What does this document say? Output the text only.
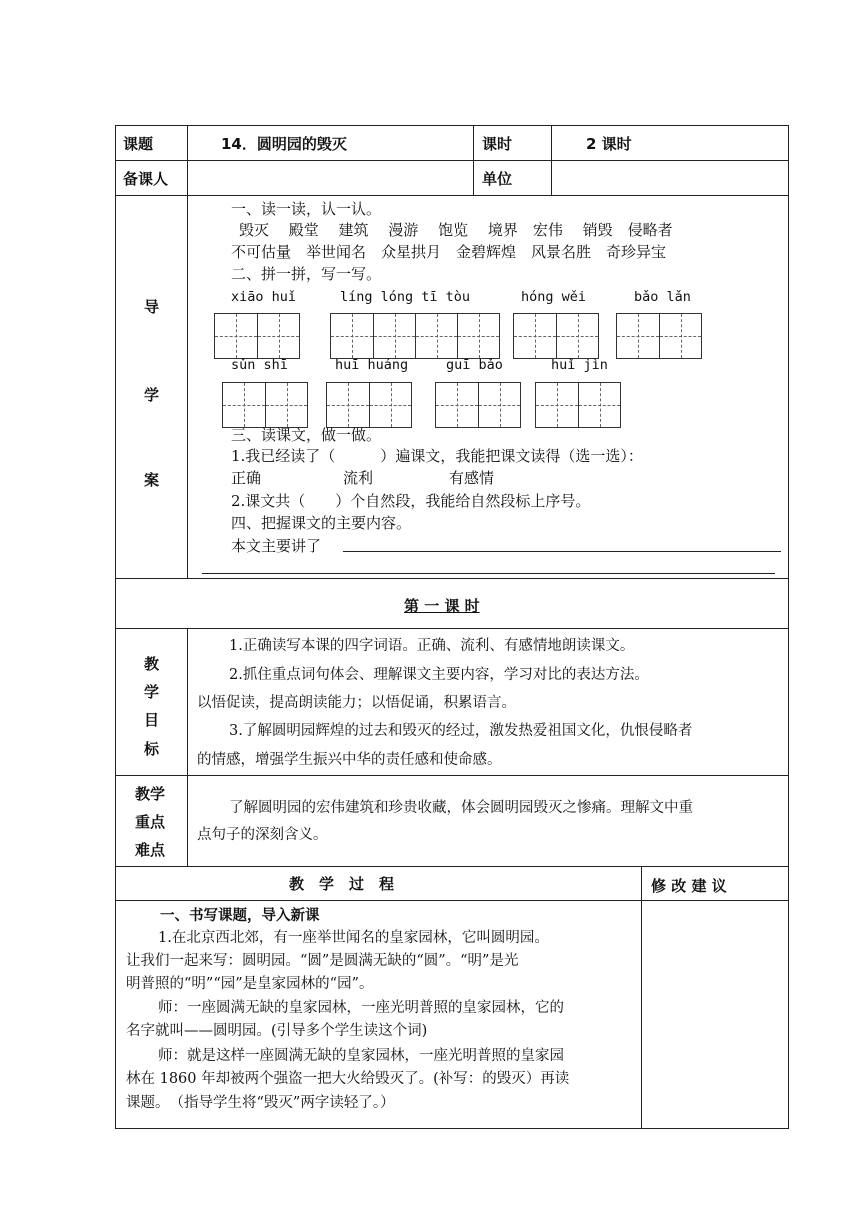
课题	14．圆明园的毁灭	课时	2 课时
备课人	单位
导
学
案
一、读一读，认一认。
毁灭　 殿堂　 建筑　 漫游　 饱览　 境界　宏伟　 销毁　侵略者
不可估量　举世闻名　众星拱月　金碧辉煌　风景名胜　奇珍异宝
二、拼一拼，写一写。
xiāo huǐ	líng lóng tī tòu	hóng wěi	bǎo lǎn
sǔn shī	huī huáng	guī bǎo	huǐ jìn
三、读课文，做一做。
1.我已经读了（　　　）遍课文，我能把课文读得（选一选）：
正确	流利	有感情
2.课文共（　　）个自然段，我能给自然段标上序号。
四、把握课文的主要内容。
本文主要讲了
第 一 课 时
教
学
目
标
1.正确读写本课的四字词语。正确、流利、有感情地朗读课文。
2.抓住重点词句体会、理解课文主要内容，学习对比的表达方法。
以悟促读，提高朗读能力；以悟促诵，积累语言。
3.了解圆明园辉煌的过去和毁灭的经过，激发热爱祖国文化，仇恨侵略者
的情感，增强学生振兴中华的责任感和使命感。
教学
重点
难点
了解圆明园的宏伟建筑和珍贵收藏，体会圆明园毁灭之惨痛。理解文中重
点句子的深刻含义。
教　学　过　程	修 改 建 议
一、书写课题，导入新课
1.在北京西北郊，有一座举世闻名的皇家园林，它叫圆明园。
让我们一起来写：圆明园。“圆”是圆满无缺的“圆”。“明”是光
明普照的“明”“园”是皇家园林的“园”。
师：一座圆满无缺的皇家园林，一座光明普照的皇家园林，它的
名字就叫——圆明园。(引导多个学生读这个词)
师：就是这样一座圆满无缺的皇家园林，一座光明普照的皇家园
林在 1860 年却被两个强盗一把大火给毁灭了。(补写：的毁灭）再读
课题。　（指导学生将“毁灭”两字读轻了。）
